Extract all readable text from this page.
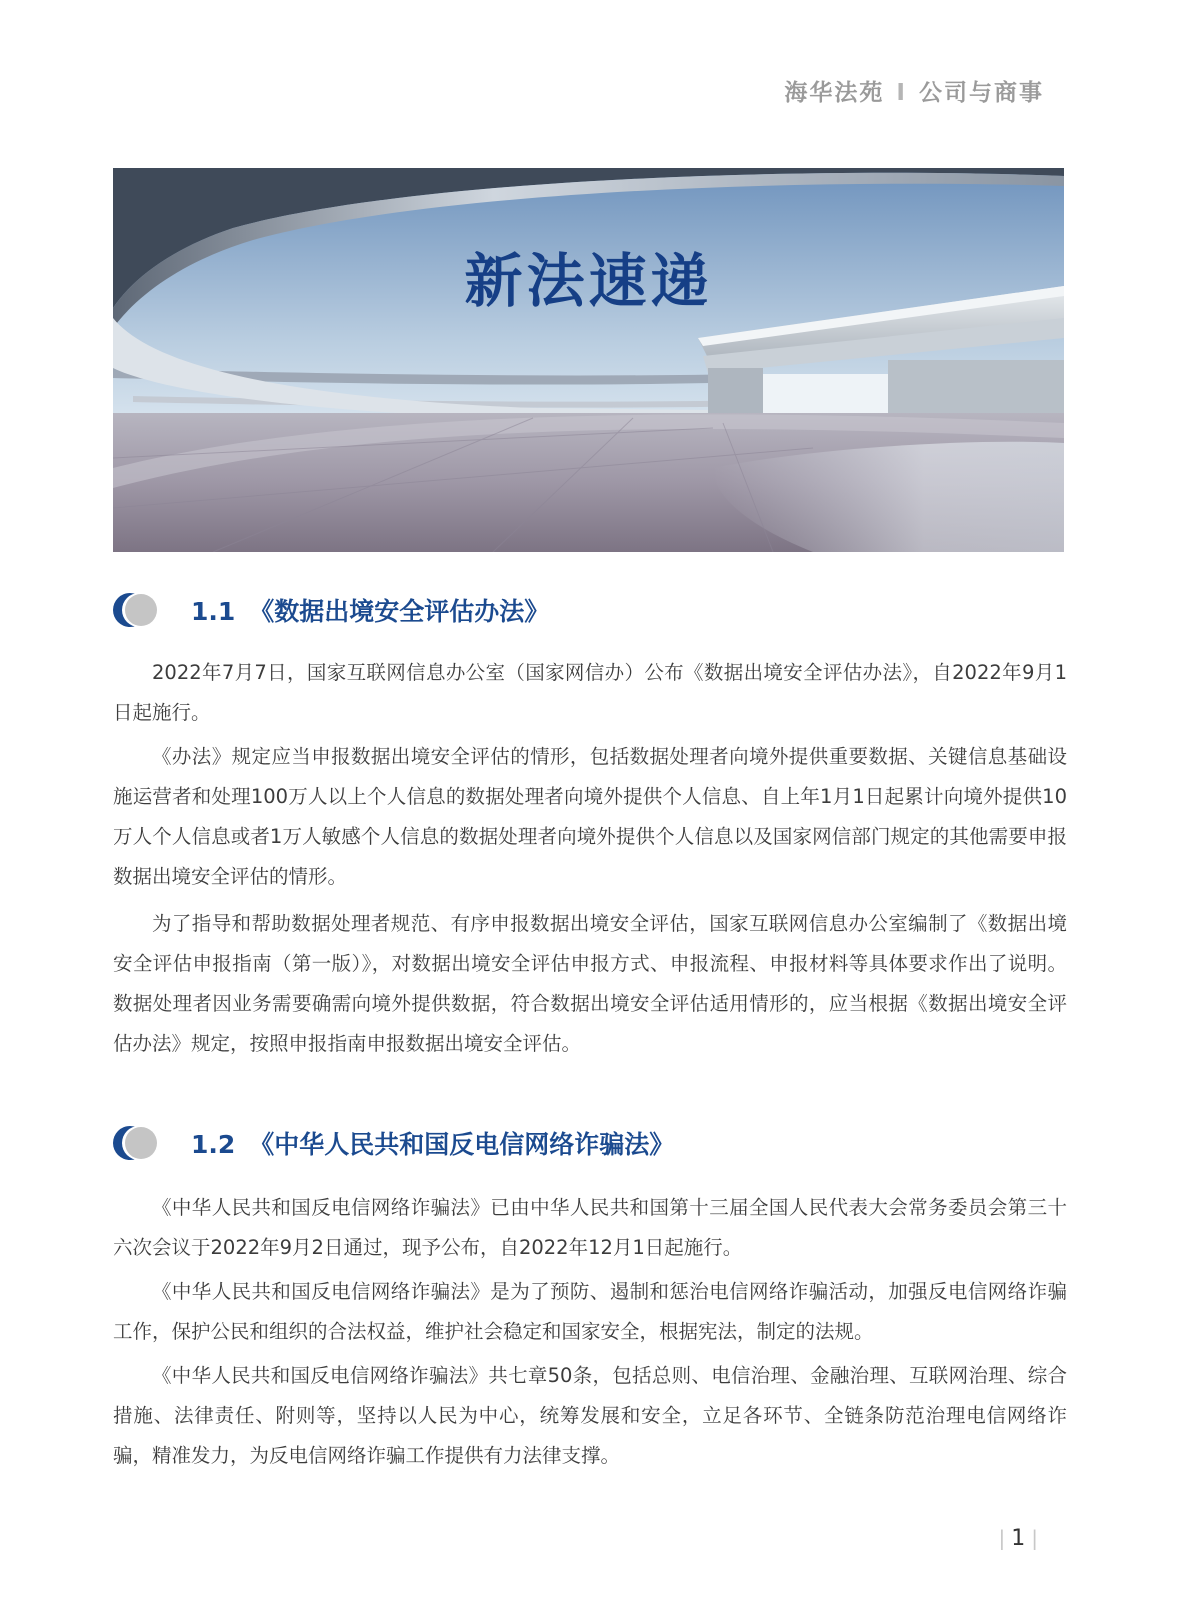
海华法苑 I 公司与商事
新法速递
1.1 《数据出境安全评估办法》

2022年7月7日，国家互联网信息办公室（国家网信办）公布《数据出境安全评估办法》，自2022年9月1日起施行。

《办法》规定应当申报数据出境安全评估的情形，包括数据处理者向境外提供重要数据、关键信息基础设施运营者和处理100万人以上个人信息的数据处理者向境外提供个人信息、自上年1月1日起累计向境外提供10万人个人信息或者1万人敏感个人信息的数据处理者向境外提供个人信息以及国家网信部门规定的其他需要申报数据出境安全评估的情形。

为了指导和帮助数据处理者规范、有序申报数据出境安全评估，国家互联网信息办公室编制了《数据出境安全评估申报指南（第一版）》，对数据出境安全评估申报方式、申报流程、申报材料等具体要求作出了说明。数据处理者因业务需要确需向境外提供数据，符合数据出境安全评估适用情形的，应当根据《数据出境安全评估办法》规定，按照申报指南申报数据出境安全评估。

1.2 《中华人民共和国反电信网络诈骗法》

《中华人民共和国反电信网络诈骗法》已由中华人民共和国第十三届全国人民代表大会常务委员会第三十六次会议于2022年9月2日通过，现予公布，自2022年12月1日起施行。

《中华人民共和国反电信网络诈骗法》是为了预防、遏制和惩治电信网络诈骗活动，加强反电信网络诈骗工作，保护公民和组织的合法权益，维护社会稳定和国家安全，根据宪法，制定的法规。

《中华人民共和国反电信网络诈骗法》共七章50条，包括总则、电信治理、金融治理、互联网治理、综合措施、法律责任、附则等，坚持以人民为中心，统筹发展和安全，立足各环节、全链条防范治理电信网络诈骗，精准发力，为反电信网络诈骗工作提供有力法律支撑。

| 1 |
